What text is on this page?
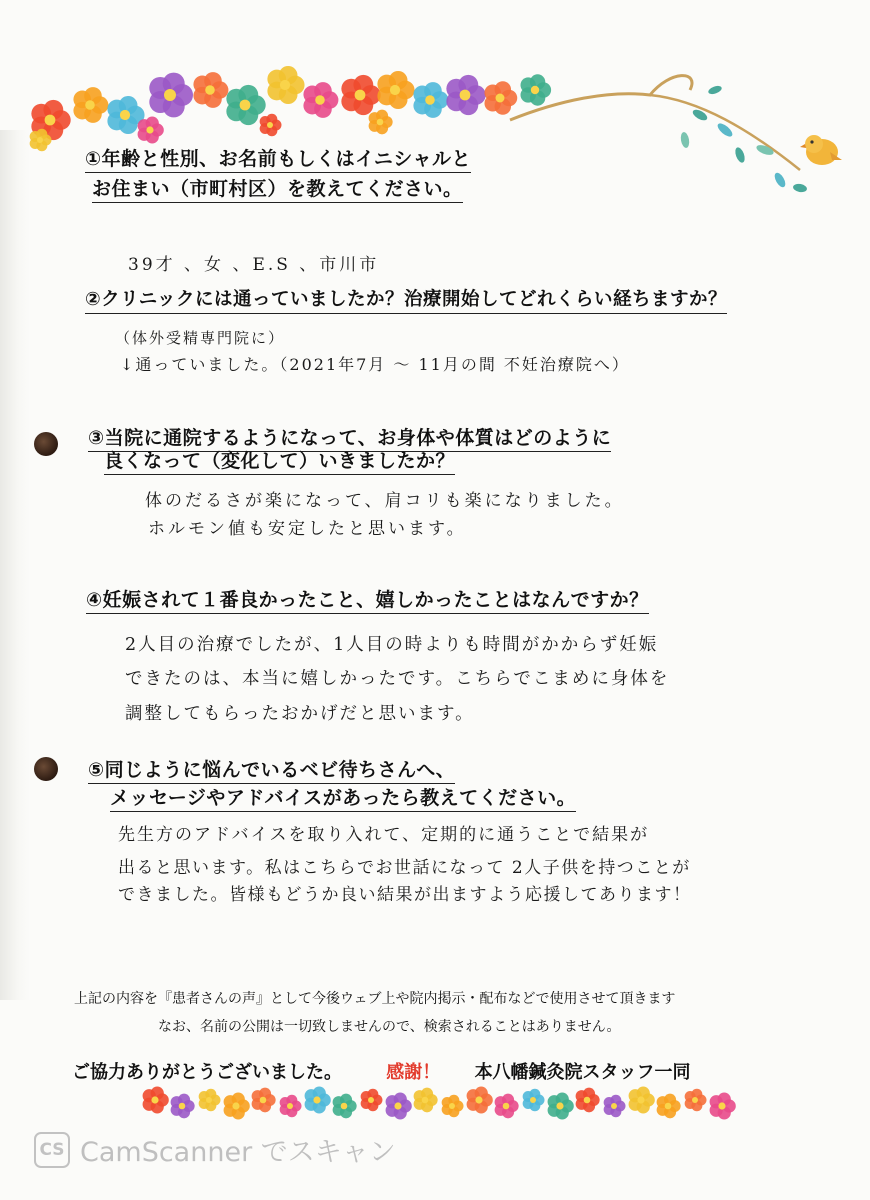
①年齢と性別、お名前もしくはイニシャルと
お住まい（市町村区）を教えてください。
39才 、女 、E.S 、市川市
②クリニックには通っていましたか？治療開始してどれくらい経ちますか？
（体外受精専門院に）
↓通っていました。（2021年7月 ～ 11月の間 不妊治療院へ）
③当院に通院するようになって、お身体や体質はどのように
良くなって（変化して）いきましたか？
体のだるさが楽になって、肩コリも楽になりました。
ホルモン値も安定したと思います。
④妊娠されて１番良かったこと、嬉しかったことはなんですか？
2人目の治療でしたが、1人目の時よりも時間がかからず妊娠
できたのは、本当に嬉しかったです。こちらでこまめに身体を
調整してもらったおかげだと思います。
⑤同じように悩んでいるベビ待ちさんへ、
メッセージやアドバイスがあったら教えてください。
先生方のアドバイスを取り入れて、定期的に通うことで結果が
出ると思います。私はこちらでお世話になって 2人子供を持つことが
できました。皆様もどうか良い結果が出ますよう応援してあります！
上記の内容を『患者さんの声』として今後ウェブ上や院内掲示・配布などで使用させて頂きます
なお、名前の公開は一切致しませんので、検索されることはありません。
ご協力ありがとうございました。 感謝！ 本八幡鍼灸院スタッフ一同
CS CamScanner でスキャン
